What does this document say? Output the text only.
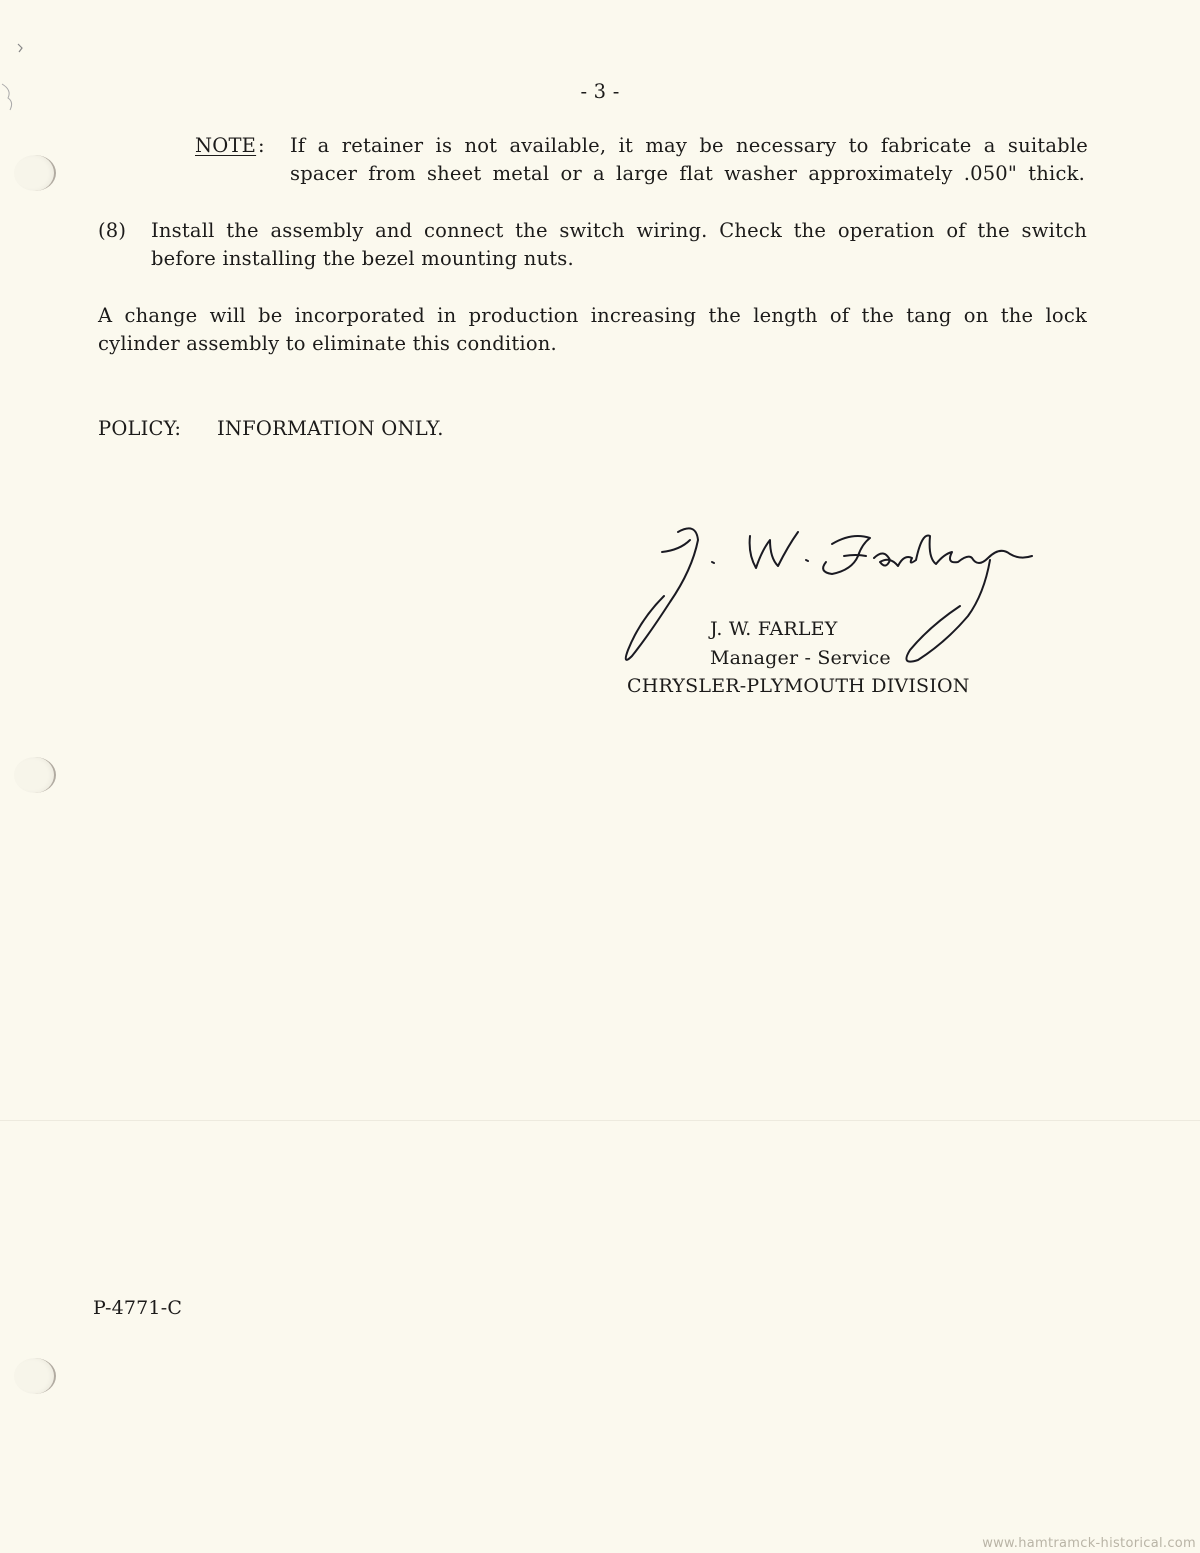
- 3 -

NOTE : If a retainer is not available, it may be necessary to fabricate a suitable

spacer from sheet metal or a large flat washer approximately .050" thick.

(8) Install the assembly and connect the switch wiring. Check the operation of the switch

before installing the bezel mounting nuts.

A change will be incorporated in production increasing the length of the tang on the lock

cylinder assembly to eliminate this condition.

POLICY: INFORMATION ONLY.

J. W. FARLEY

Manager - Service

CHRYSLER-PLYMOUTH DIVISION

P-4771-C

www.hamtramck-historical.com
